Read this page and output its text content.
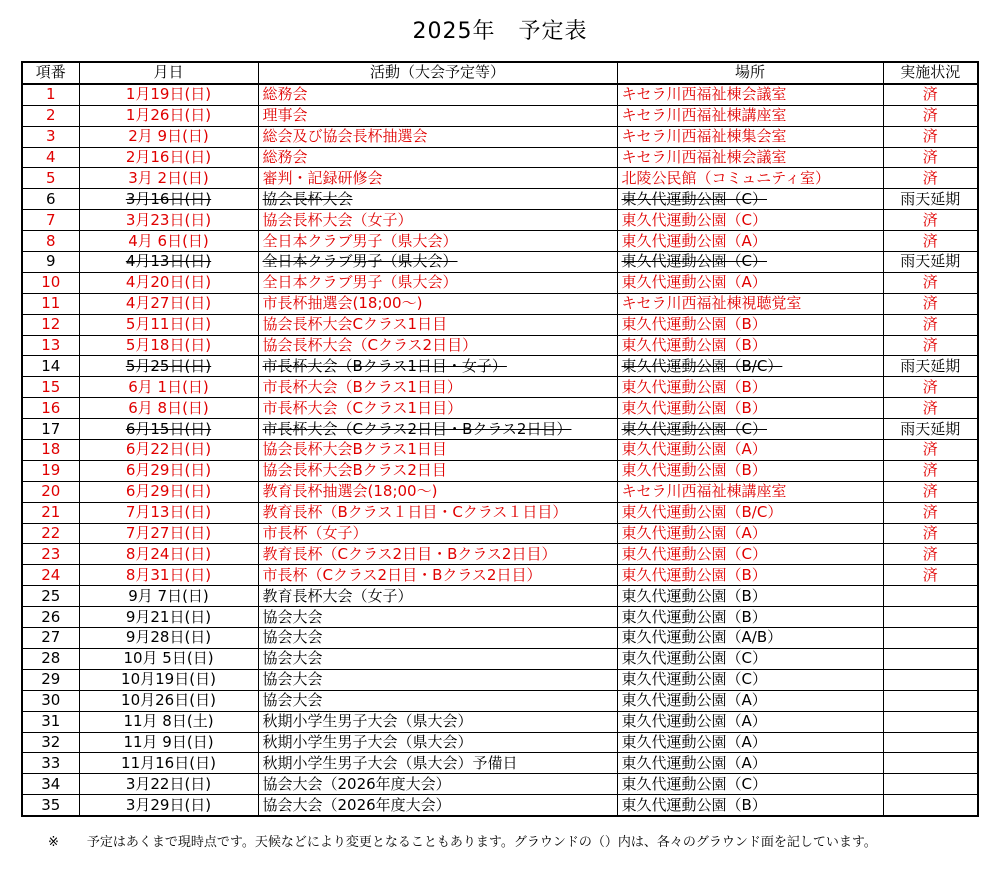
2025年　予定表
項番	月日	活動（大会予定等）	場所	実施状況
1	1月19日(日)	総務会	キセラ川西福祉棟会議室	済
2	1月26日(日)	理事会	キセラ川西福祉棟講座室	済
3	2月 9日(日)	総会及び協会長杯抽選会	キセラ川西福祉棟集会室	済
4	2月16日(日)	総務会	キセラ川西福祉棟会議室	済
5	3月 2日(日)	審判・記録研修会	北陵公民館（コミュニティ室）	済
6	3月16日(日)	協会長杯大会	東久代運動公園（C）	雨天延期
7	3月23日(日)	協会長杯大会（女子）	東久代運動公園（C）	済
8	4月 6日(日)	全日本クラブ男子（県大会）	東久代運動公園（A）	済
9	4月13日(日)	全日本クラブ男子（県大会）	東久代運動公園（C）	雨天延期
10	4月20日(日)	全日本クラブ男子（県大会）	東久代運動公園（A）	済
11	4月27日(日)	市長杯抽選会(18;00～)	キセラ川西福祉棟視聴覚室	済
12	5月11日(日)	協会長杯大会Cクラス1日目	東久代運動公園（B）	済
13	5月18日(日)	協会長杯大会（Cクラス2日目）	東久代運動公園（B）	済
14	5月25日(日)	市長杯大会（Bクラス1日目・女子）	東久代運動公園（B/C）	雨天延期
15	6月 1日(日)	市長杯大会（Bクラス1日目）	東久代運動公園（B）	済
16	6月 8日(日)	市長杯大会（Cクラス1日目）	東久代運動公園（B）	済
17	6月15日(日)	市長杯大会（Cクラス2日目・Bクラス2日目）	東久代運動公園（C）	雨天延期
18	6月22日(日)	協会長杯大会Bクラス1日目	東久代運動公園（A）	済
19	6月29日(日)	協会長杯大会Bクラス2日目	東久代運動公園（B）	済
20	6月29日(日)	教育長杯抽選会(18;00～)	キセラ川西福祉棟講座室	済
21	7月13日(日)	教育長杯（Bクラス１日目・Cクラス１日目）	東久代運動公園（B/C）	済
22	7月27日(日)	市長杯（女子）	東久代運動公園（A）	済
23	8月24日(日)	教育長杯（Cクラス2日目・Bクラス2日目）	東久代運動公園（C）	済
24	8月31日(日)	市長杯（Cクラス2日目・Bクラス2日目）	東久代運動公園（B）	済
25	9月 7日(日)	教育長杯大会（女子）	東久代運動公園（B）	
26	9月21日(日)	協会大会	東久代運動公園（B）	
27	9月28日(日)	協会大会	東久代運動公園（A/B）	
28	10月 5日(日)	協会大会	東久代運動公園（C）	
29	10月19日(日)	協会大会	東久代運動公園（C）	
30	10月26日(日)	協会大会	東久代運動公園（A）	
31	11月 8日(土)	秋期小学生男子大会（県大会）	東久代運動公園（A）	
32	11月 9日(日)	秋期小学生男子大会（県大会）	東久代運動公園（A）	
33	11月16日(日)	秋期小学生男子大会（県大会）予備日	東久代運動公園（A）	
34	3月22日(日)	協会大会（2026年度大会）	東久代運動公園（C）	
35	3月29日(日)	協会大会（2026年度大会）	東久代運動公園（B）	
※ 予定はあくまで現時点です。天候などにより変更となることもあります。グラウンドの（）内は、各々のグラウンド面を記しています。
